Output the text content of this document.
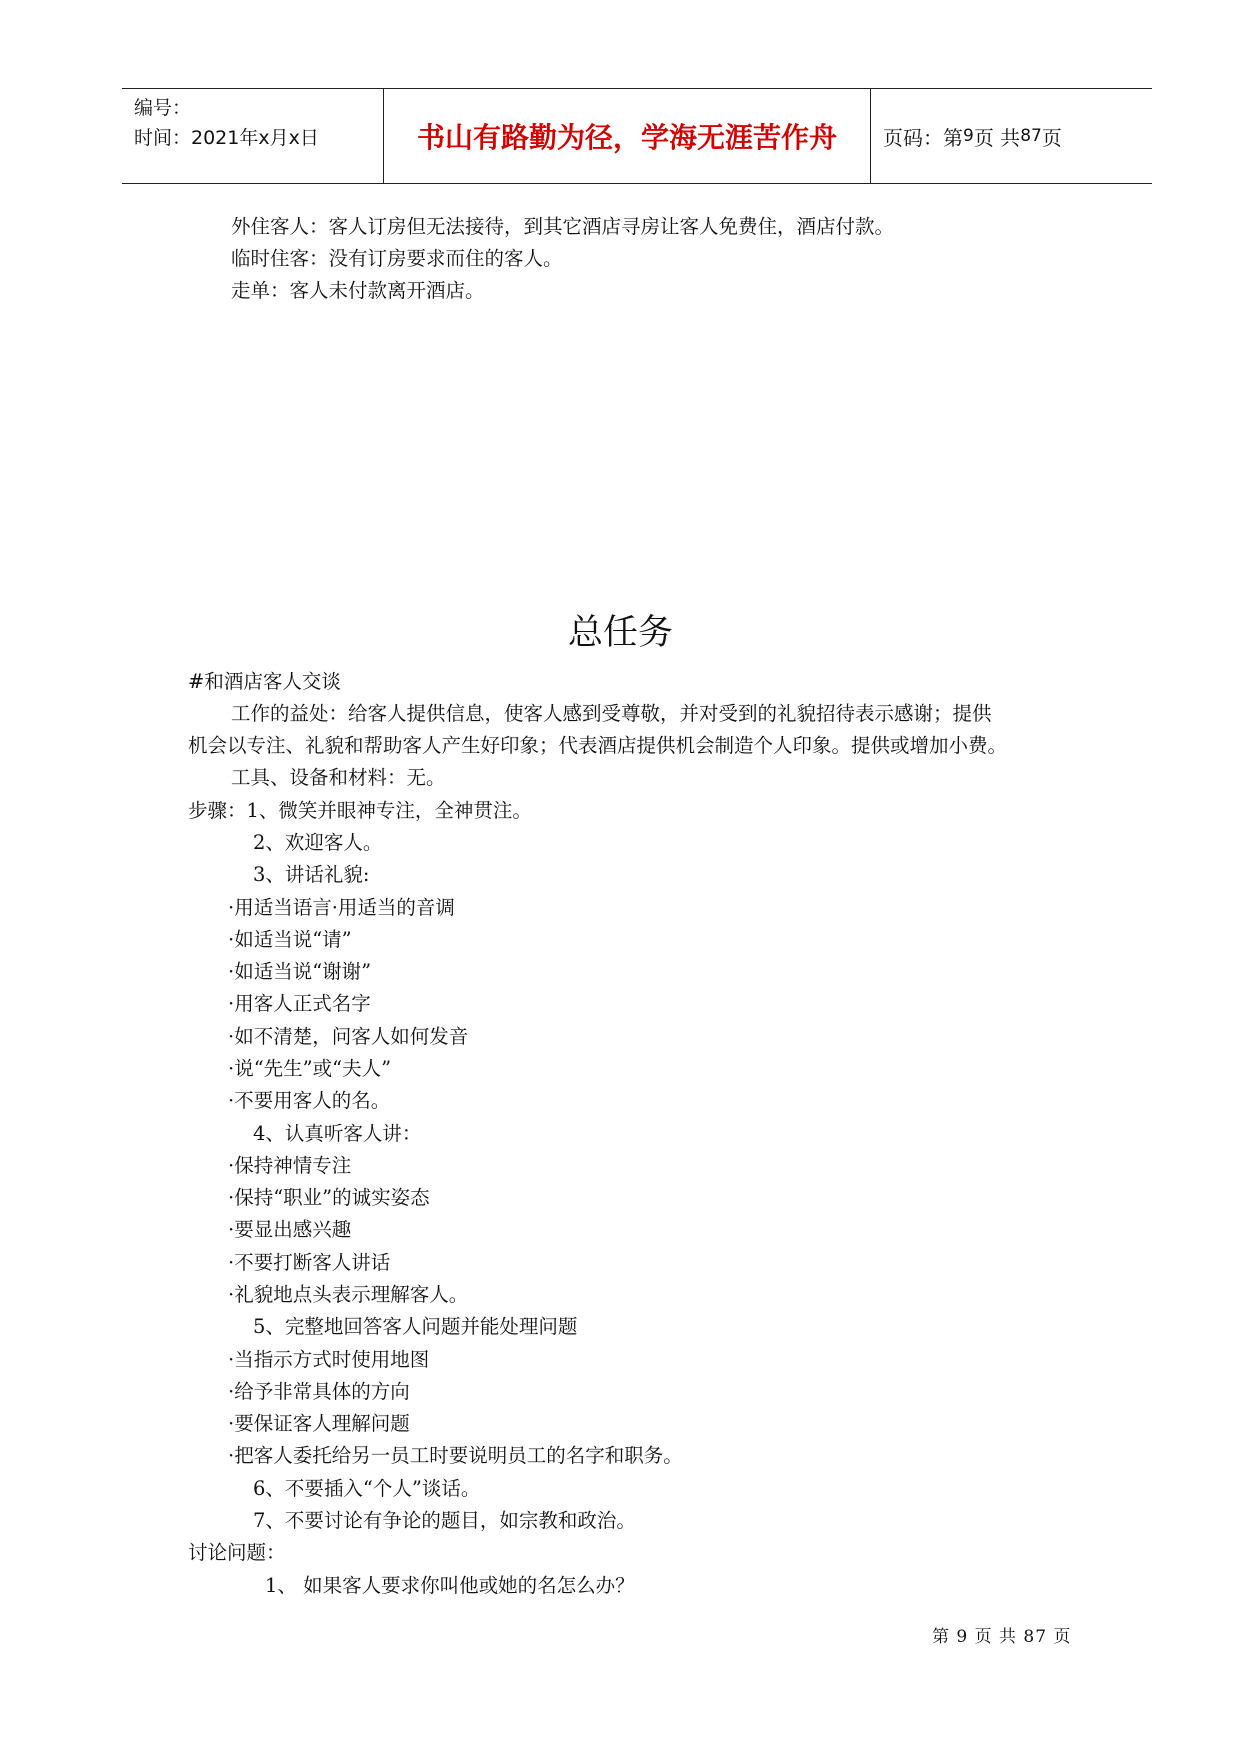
编号：
时间：2021年x月x日	书山有路勤为径，学海无涯苦作舟	页码：第 9 页 共 87 页
外住客人：客人订房但无法接待，到其它酒店寻房让客人免费住，酒店付款。
临时住客：没有订房要求而住的客人。
走单：客人未付款离开酒店。
总任务
#和酒店客人交谈
工作的益处：给客人提供信息，使客人感到受尊敬，并对受到的礼貌招待表示感谢；提供
机会以专注、礼貌和帮助客人产生好印象；代表酒店提供机会制造个人印象。提供或增加小费。
工具、设备和材料：无。
步骤：1、微笑并眼神专注，全神贯注。
2、欢迎客人。
3、讲话礼貌:
·用适当语言·用适当的音调
·如适当说“请”
·如适当说“谢谢”
·用客人正式名字
·如不清楚，问客人如何发音
·说“先生”或“夫人”
·不要用客人的名。
4、认真听客人讲：
·保持神情专注
·保持“职业”的诚实姿态
·要显出感兴趣
·不要打断客人讲话
·礼貌地点头表示理解客人。
5、完整地回答客人问题并能处理问题
·当指示方式时使用地图
·给予非常具体的方向
·要保证客人理解问题
·把客人委托给另一员工时要说明员工的名字和职务。
6、不要插入“个人”谈话。
7、不要讨论有争论的题目，如宗教和政治。
讨论问题：
1、 如果客人要求你叫他或她的名怎么办？
第 9 页 共 87 页
